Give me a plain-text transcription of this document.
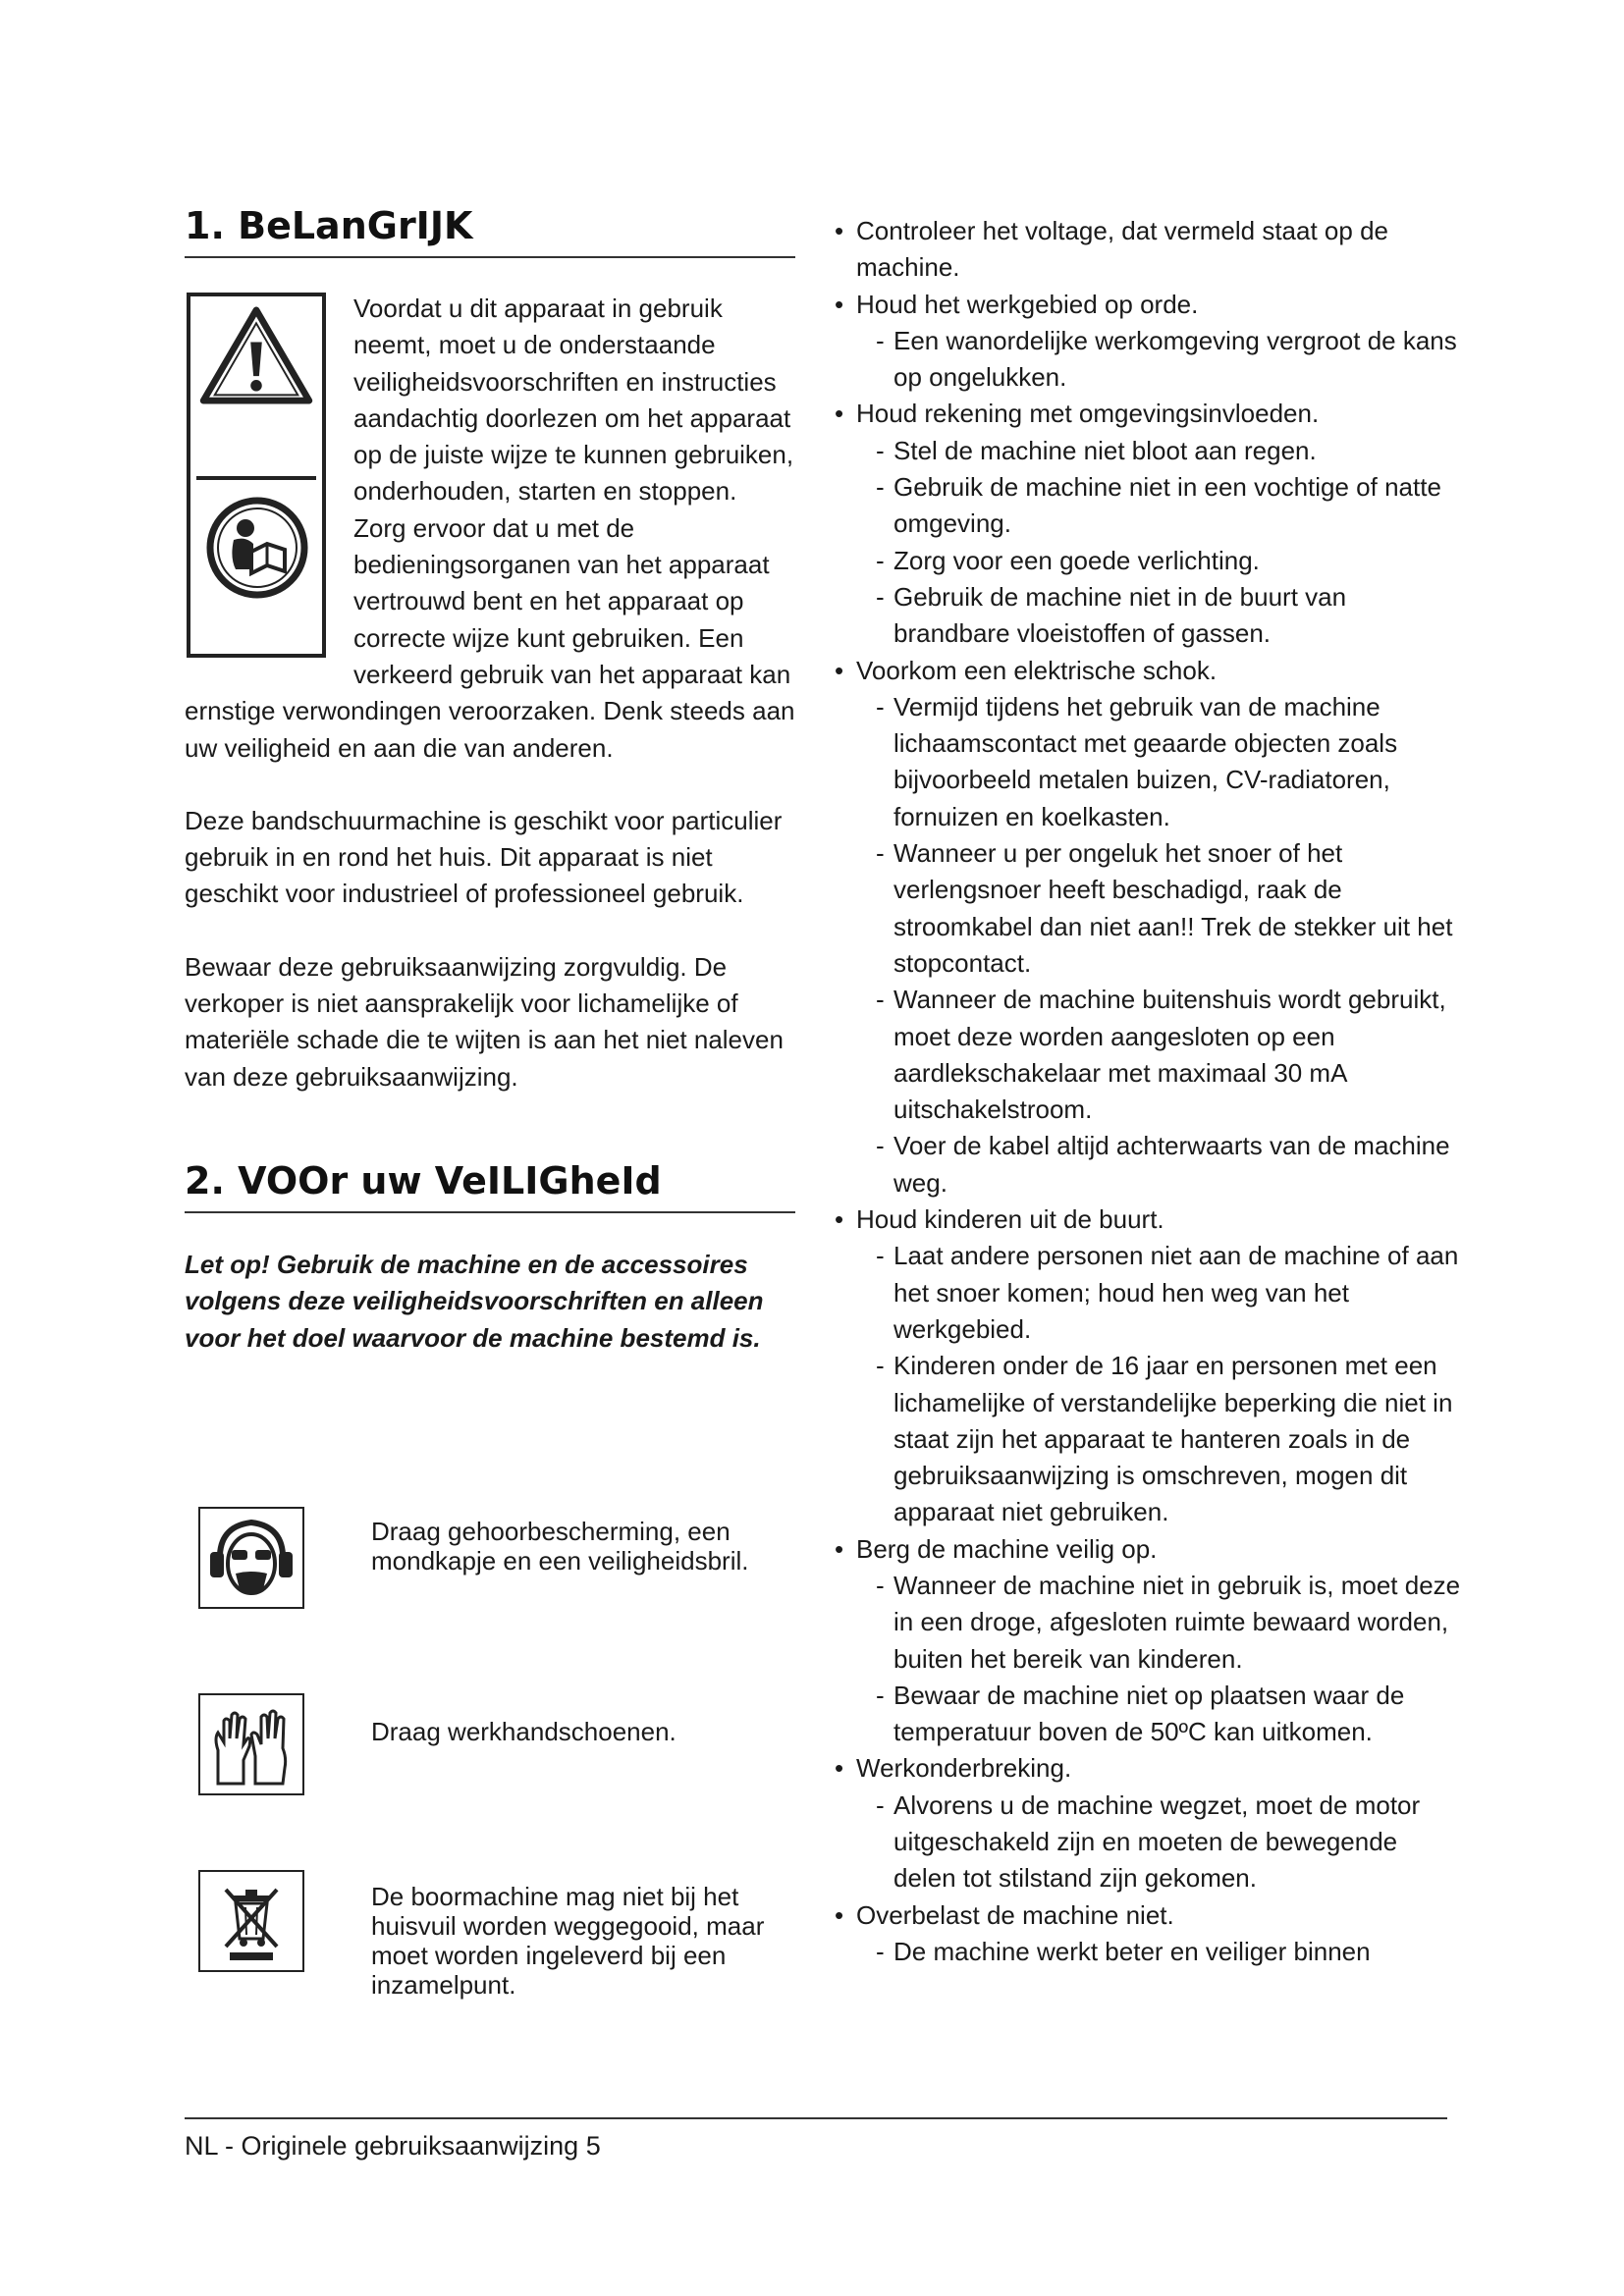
1. BeLanGrIJK

Voordat u dit apparaat in gebruik neemt, moet u de onderstaande veiligheidsvoorschriften en instructies aandachtig doorlezen om het apparaat op de juiste wijze te kunnen gebruiken, onderhouden, starten en stoppen. Zorg ervoor dat u met de bedieningsorganen van het apparaat vertrouwd bent en het apparaat op correcte wijze kunt gebruiken. Een verkeerd gebruik van het apparaat kan ernstige verwondingen veroorzaken. Denk steeds aan uw veiligheid en aan die van anderen.

Deze bandschuurmachine is geschikt voor particulier gebruik in en rond het huis. Dit apparaat is niet geschikt voor industrieel of professioneel gebruik.

Bewaar deze gebruiksaanwijzing zorgvuldig. De verkoper is niet aansprakelijk voor lichamelijke of materiële schade die te wijten is aan het niet naleven van deze gebruiksaanwijzing.

2. VOOr uw VeILIGheId

Let op! Gebruik de machine en de accessoires volgens deze veiligheidsvoorschriften en alleen voor het doel waarvoor de machine bestemd is.

Draag gehoorbescherming, een mondkapje en een veiligheidsbril.
Draag werkhandschoenen.
De boormachine mag niet bij het huisvuil worden weggegooid, maar moet worden ingeleverd bij een inzamelpunt.

• Controleer het voltage, dat vermeld staat op de machine.

• Houd het werkgebied op orde.

- Een wanordelijke werkomgeving vergroot de kans op ongelukken.

• Houd rekening met omgevingsinvloeden.

- Stel de machine niet bloot aan regen.

- Gebruik de machine niet in een vochtige of natte omgeving.

- Zorg voor een goede verlichting.

- Gebruik de machine niet in de buurt van brandbare vloeistoffen of gassen.

• Voorkom een elektrische schok.

- Vermijd tijdens het gebruik van de machine lichaamscontact met geaarde objecten zoals bijvoorbeeld metalen buizen, CV-radiatoren, fornuizen en koelkasten.

- Wanneer u per ongeluk het snoer of het verlengsnoer heeft beschadigd, raak de stroomkabel dan niet aan!! Trek de stekker uit het stopcontact.

- Wanneer de machine buitenshuis wordt gebruikt, moet deze worden aangesloten op een aardlekschakelaar met maximaal 30 mA uitschakelstroom.

- Voer de kabel altijd achterwaarts van de machine weg.

• Houd kinderen uit de buurt.

- Laat andere personen niet aan de machine of aan het snoer komen; houd hen weg van het werkgebied.

- Kinderen onder de 16 jaar en personen met een lichamelijke of verstandelijke beperking die niet in staat zijn het apparaat te hanteren zoals in de gebruiksaanwijzing is omschreven, mogen dit apparaat niet gebruiken.

• Berg de machine veilig op.

- Wanneer de machine niet in gebruik is, moet deze in een droge, afgesloten ruimte bewaard worden, buiten het bereik van kinderen.

- Bewaar de machine niet op plaatsen waar de temperatuur boven de 50ºC kan uitkomen.

• Werkonderbreking.

- Alvorens u de machine wegzet, moet de motor uitgeschakeld zijn en moeten de bewegende delen tot stilstand zijn gekomen.

• Overbelast de machine niet.

- De machine werkt beter en veiliger binnen

NL - Originele gebruiksaanwijzing 5
